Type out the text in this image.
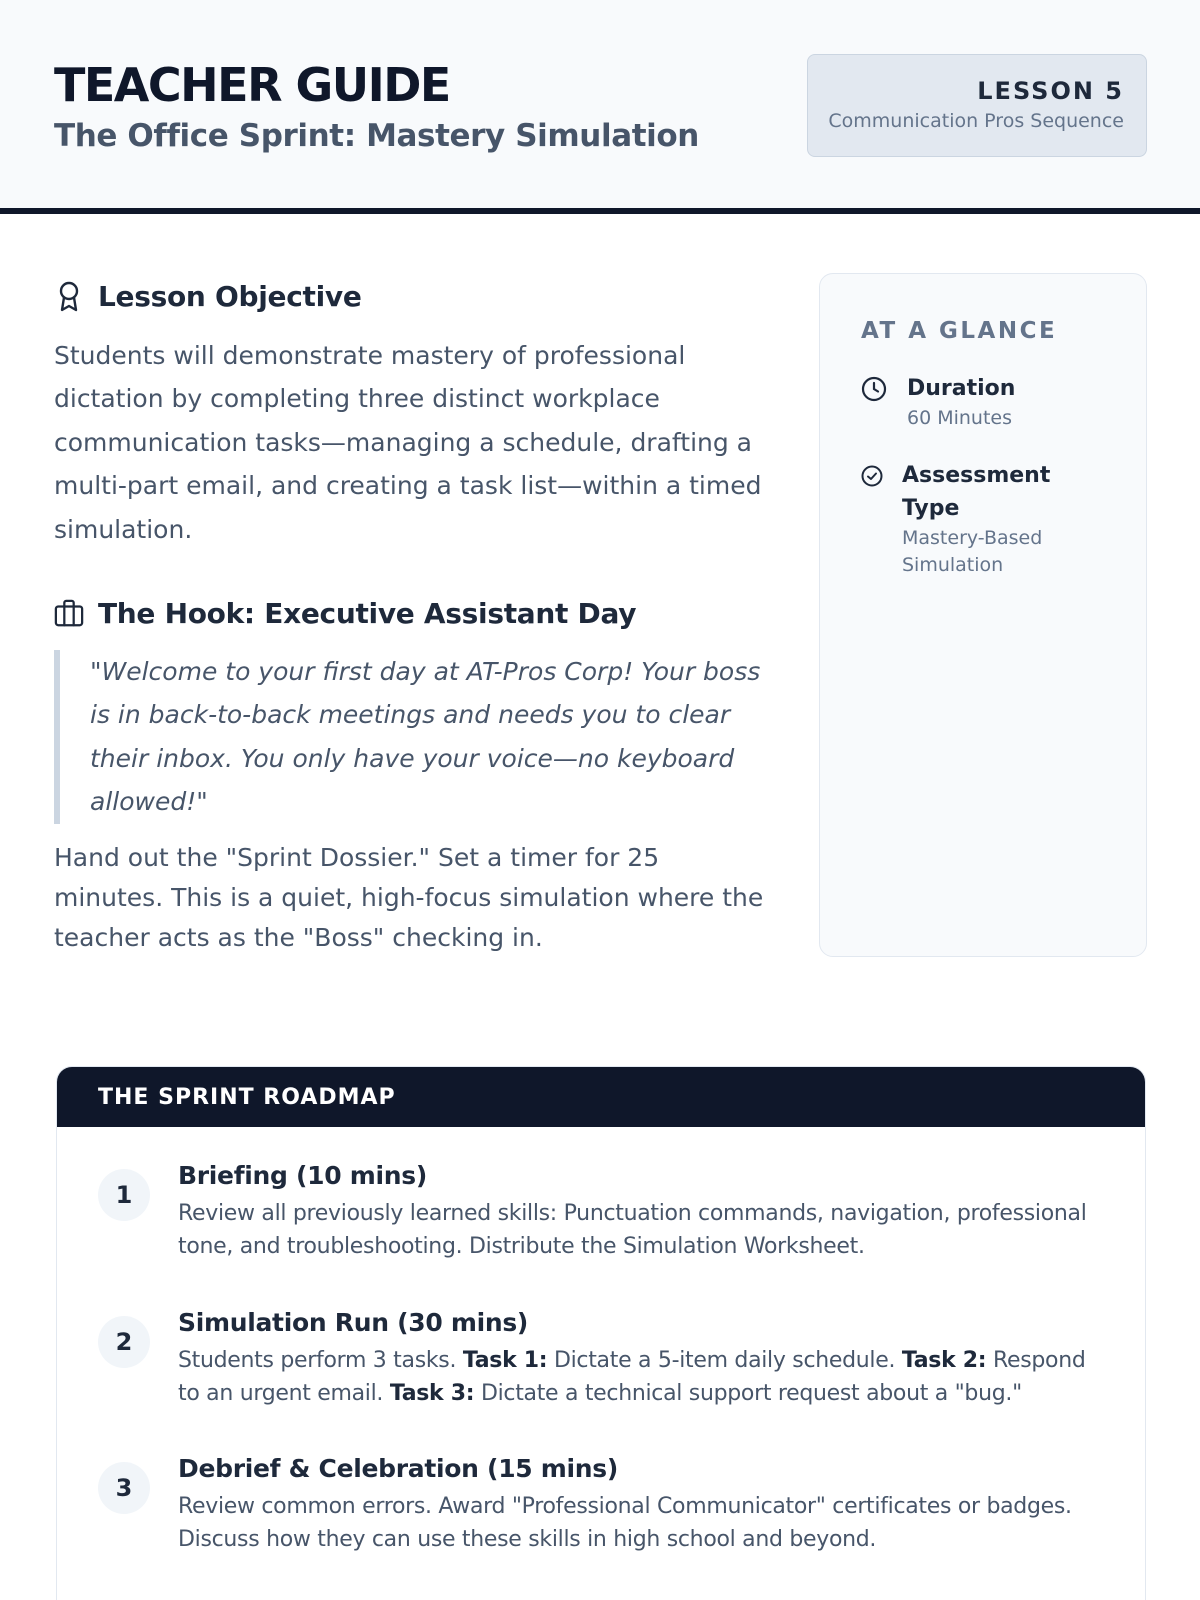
TEACHER GUIDE
The Office Sprint: Mastery Simulation
LESSON 5
Communication Pros Sequence
Lesson Objective
Students will demonstrate mastery of professional dictation by completing three distinct workplace communication tasks—managing a schedule, drafting a multi-part email, and creating a task list—within a timed simulation.
The Hook: Executive Assistant Day
"Welcome to your first day at AT-Pros Corp! Your boss is in back-to-back meetings and needs you to clear their inbox. You only have your voice—no keyboard allowed!"
Hand out the "Sprint Dossier." Set a timer for 25 minutes. This is a quiet, high-focus simulation where the teacher acts as the "Boss" checking in.
AT A GLANCE
Duration
60 Minutes
Assessment Type
Mastery-Based Simulation
THE SPRINT ROADMAP
1
Briefing (10 mins)
Review all previously learned skills: Punctuation commands, navigation, professional tone, and troubleshooting. Distribute the Simulation Worksheet.
2
Simulation Run (30 mins)
Students perform 3 tasks. Task 1: Dictate a 5-item daily schedule. Task 2: Respond to an urgent email. Task 3: Dictate a technical support request about a "bug."
3
Debrief & Celebration (15 mins)
Review common errors. Award "Professional Communicator" certificates or badges. Discuss how they can use these skills in high school and beyond.
